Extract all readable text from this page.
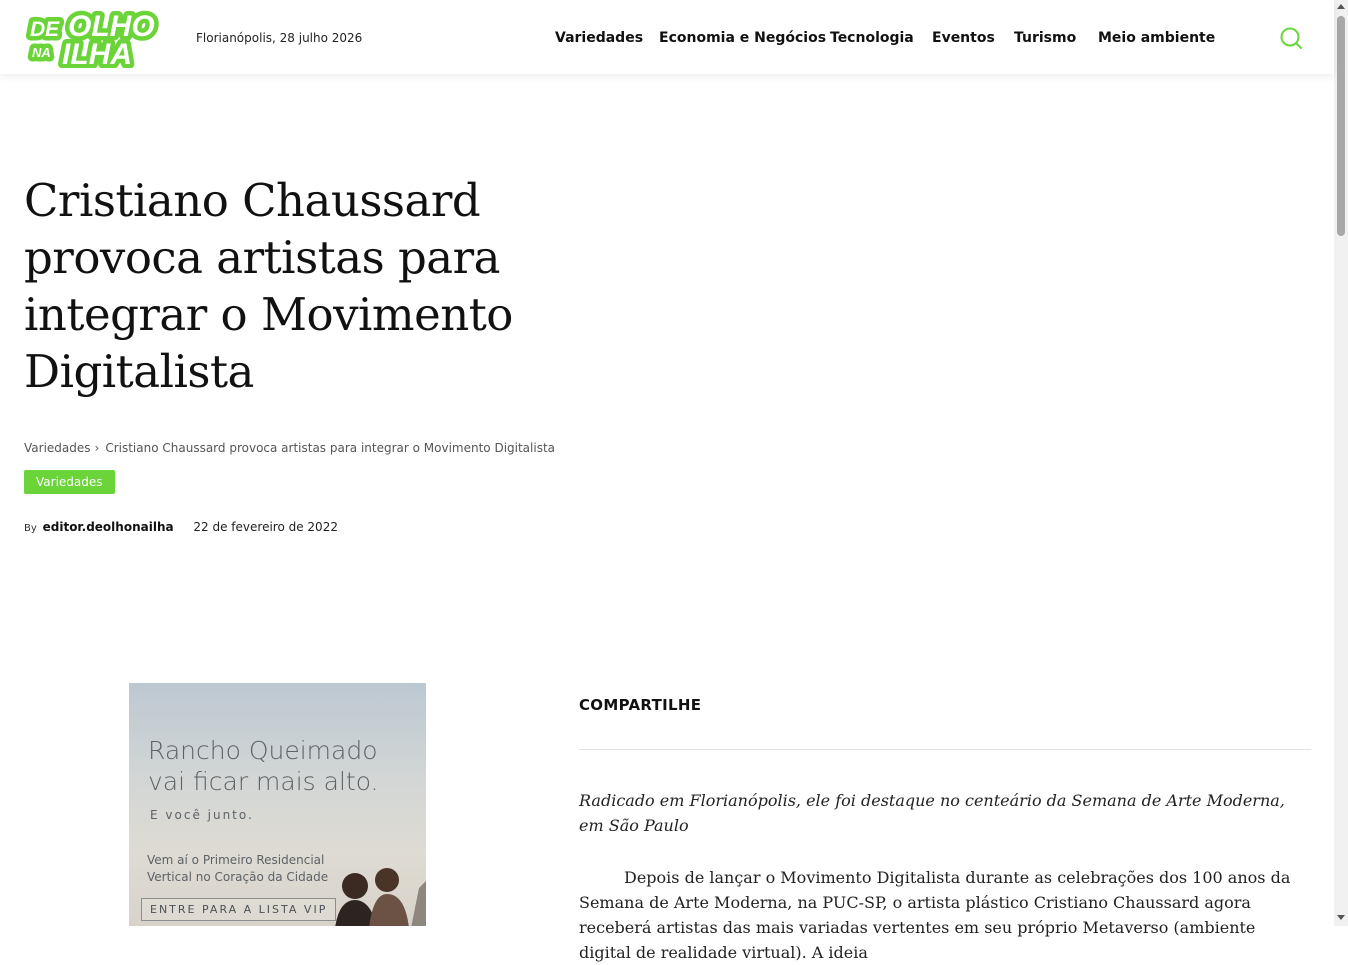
DE OLHO
NA ILHA	Florianópolis, 28 julho 2026	Variedades Economia e Negócios Tecnologia Eventos Turismo Meio ambiente
Cristiano Chaussard provoca artistas para integrar o Movimento Digitalista
Variedades › Cristiano Chaussard provoca artistas para integrar o Movimento Digitalista
Variedades
By editor.deolhonailha 22 de fevereiro de 2022
Rancho Queimado vai ficar mais alto.
E você junto.
Vem aí o Primeiro Residencial Vertical no Coração da Cidade
ENTRE PARA A LISTA VIP
COMPARTILHE

Radicado em Florianópolis, ele foi destaque no centeário da Semana de Arte Moderna, em São Paulo

Depois de lançar o Movimento Digitalista durante as celebrações dos 100 anos da Semana de Arte Moderna, na PUC-SP, o artista plástico Cristiano Chaussard agora receberá artistas das mais variadas vertentes em seu próprio Metaverso (ambiente digital de realidade virtual). A ideia
